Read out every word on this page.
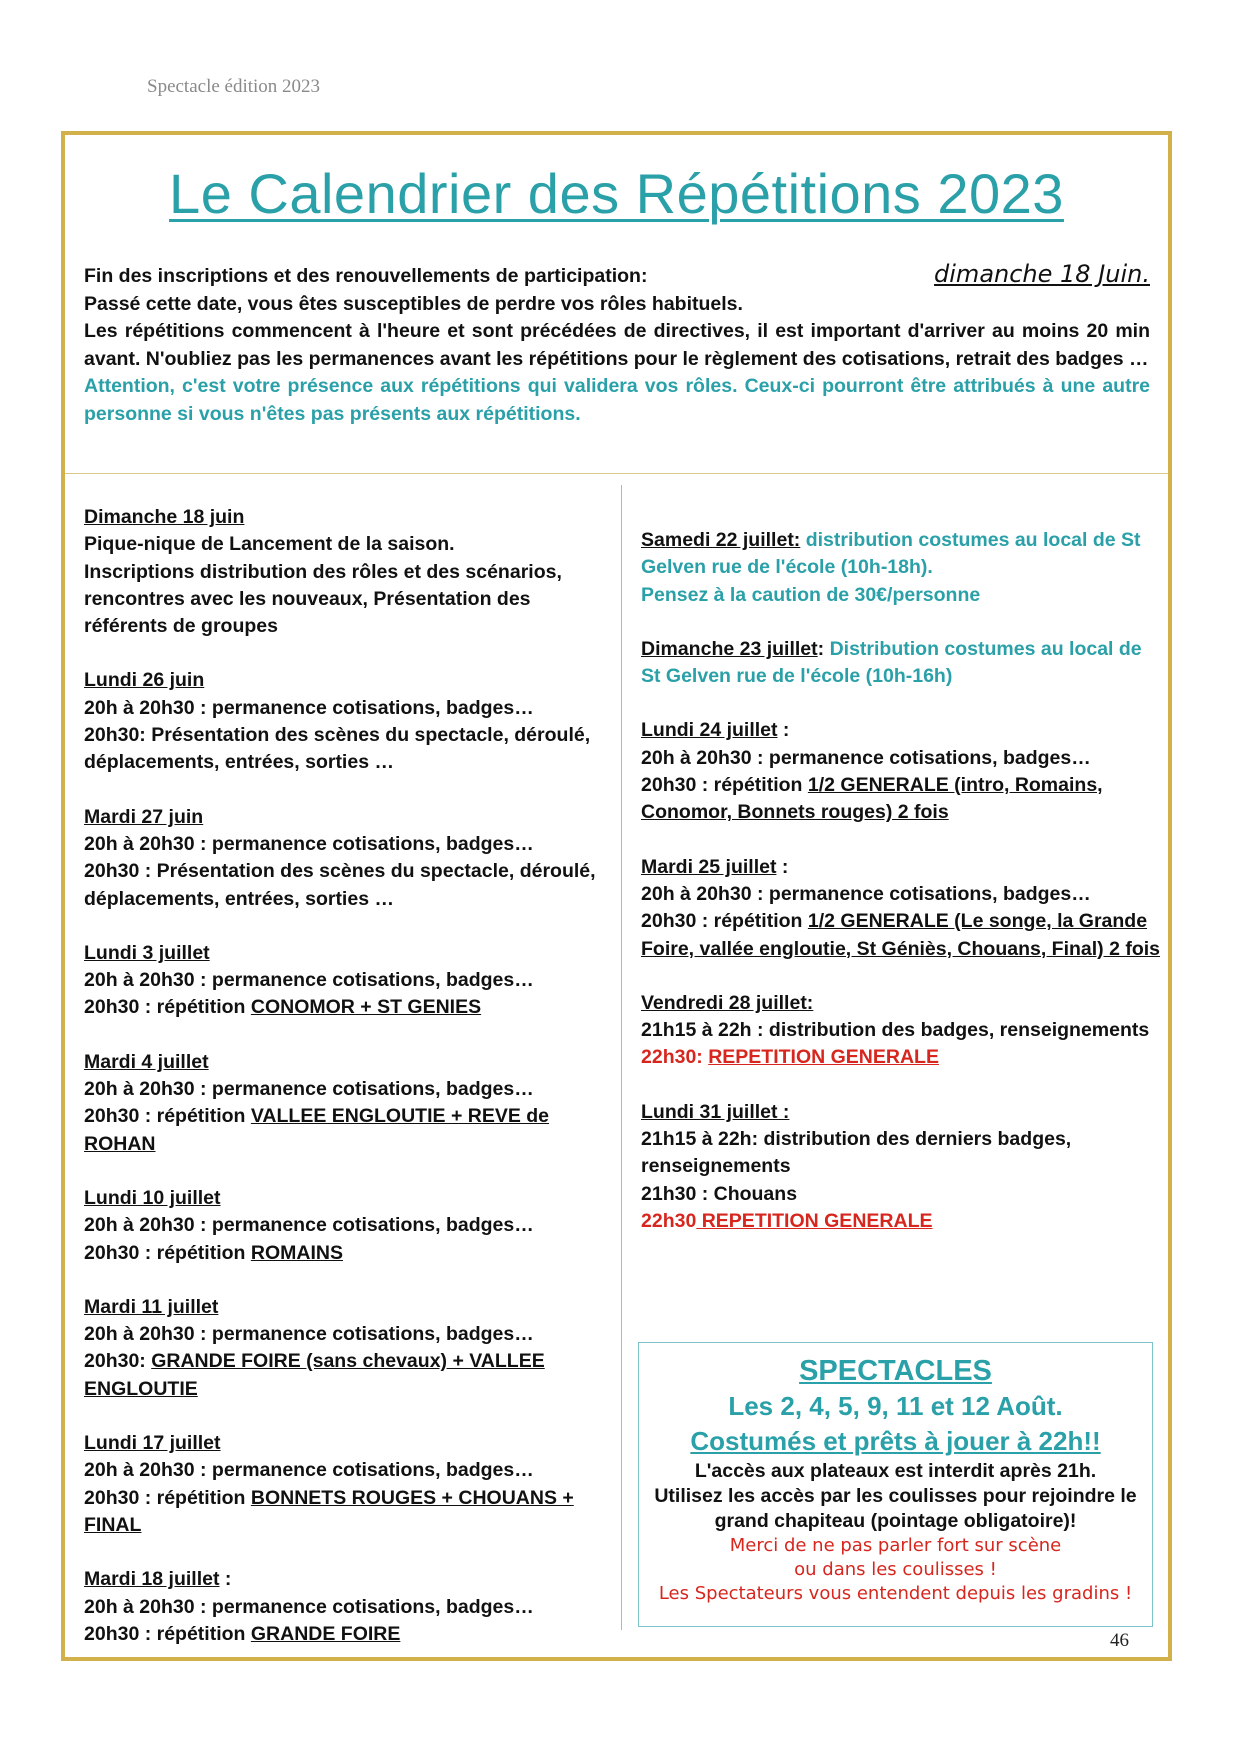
Spectacle édition 2023
Le Calendrier des Répétitions 2023
Fin des inscriptions et des renouvellements de participation:	dimanche 18 Juin.
Passé cette date, vous êtes susceptibles de perdre vos rôles habituels.
Les répétitions commencent à l'heure et sont précédées de directives, il est important d'arriver au moins 20 min avant. N'oubliez pas les permanences avant les répétitions pour le règlement des cotisations, retrait des badges …
Attention, c'est votre présence aux répétitions qui validera vos rôles. Ceux-ci pourront être attribués à une autre personne si vous n'êtes pas présents aux répétitions.
Dimanche 18 juin
Pique-nique de Lancement de la saison.
Inscriptions distribution des rôles et des scénarios, rencontres avec les nouveaux, Présentation des référents de groupes
Lundi 26 juin
20h à 20h30 : permanence cotisations, badges…
20h30: Présentation des scènes du spectacle, déroulé, déplacements, entrées, sorties …
Mardi 27 juin
20h à 20h30 : permanence cotisations, badges…
20h30 : Présentation des scènes du spectacle, déroulé, déplacements, entrées, sorties …
Lundi 3 juillet
20h à 20h30 : permanence cotisations, badges…
20h30 : répétition CONOMOR + ST GENIES
Mardi 4 juillet
20h à 20h30 : permanence cotisations, badges…
20h30 : répétition VALLEE ENGLOUTIE + REVE de ROHAN
Lundi 10 juillet
20h à 20h30 : permanence cotisations, badges…
20h30 : répétition ROMAINS
Mardi 11 juillet
20h à 20h30 : permanence cotisations, badges…
20h30: GRANDE FOIRE (sans chevaux) + VALLEE ENGLOUTIE
Lundi 17 juillet
20h à 20h30 : permanence cotisations, badges…
20h30 : répétition BONNETS ROUGES + CHOUANS + FINAL
Mardi 18 juillet :
20h à 20h30 : permanence cotisations, badges…
20h30 : répétition GRANDE FOIRE
Samedi 22 juillet: distribution costumes au local de St Gelven rue de l'école (10h-18h).
Pensez à la caution de 30€/personne
Dimanche 23 juillet: Distribution costumes au local de St Gelven rue de l'école (10h-16h)
Lundi 24 juillet :
20h à 20h30 : permanence cotisations, badges…
20h30 : répétition 1/2 GENERALE (intro, Romains, Conomor, Bonnets rouges) 2 fois
Mardi 25 juillet :
20h à 20h30 : permanence cotisations, badges…
20h30 : répétition 1/2 GENERALE (Le songe, la Grande Foire, vallée engloutie, St Géniès, Chouans, Final) 2 fois
Vendredi 28 juillet:
21h15 à 22h : distribution des badges, renseignements
22h30: REPETITION GENERALE
Lundi 31 juillet :
21h15 à 22h: distribution des derniers badges, renseignements
21h30 : Chouans
22h30 REPETITION GENERALE
SPECTACLES
Les 2, 4, 5, 9, 11 et 12 Août.
Costumés et prêts à jouer à 22h!!
L'accès aux plateaux est interdit après 21h.
Utilisez les accès par les coulisses pour rejoindre le grand chapiteau (pointage obligatoire)!
Merci de ne pas parler fort sur scène
ou dans les coulisses !
Les Spectateurs vous entendent depuis les gradins !
46
